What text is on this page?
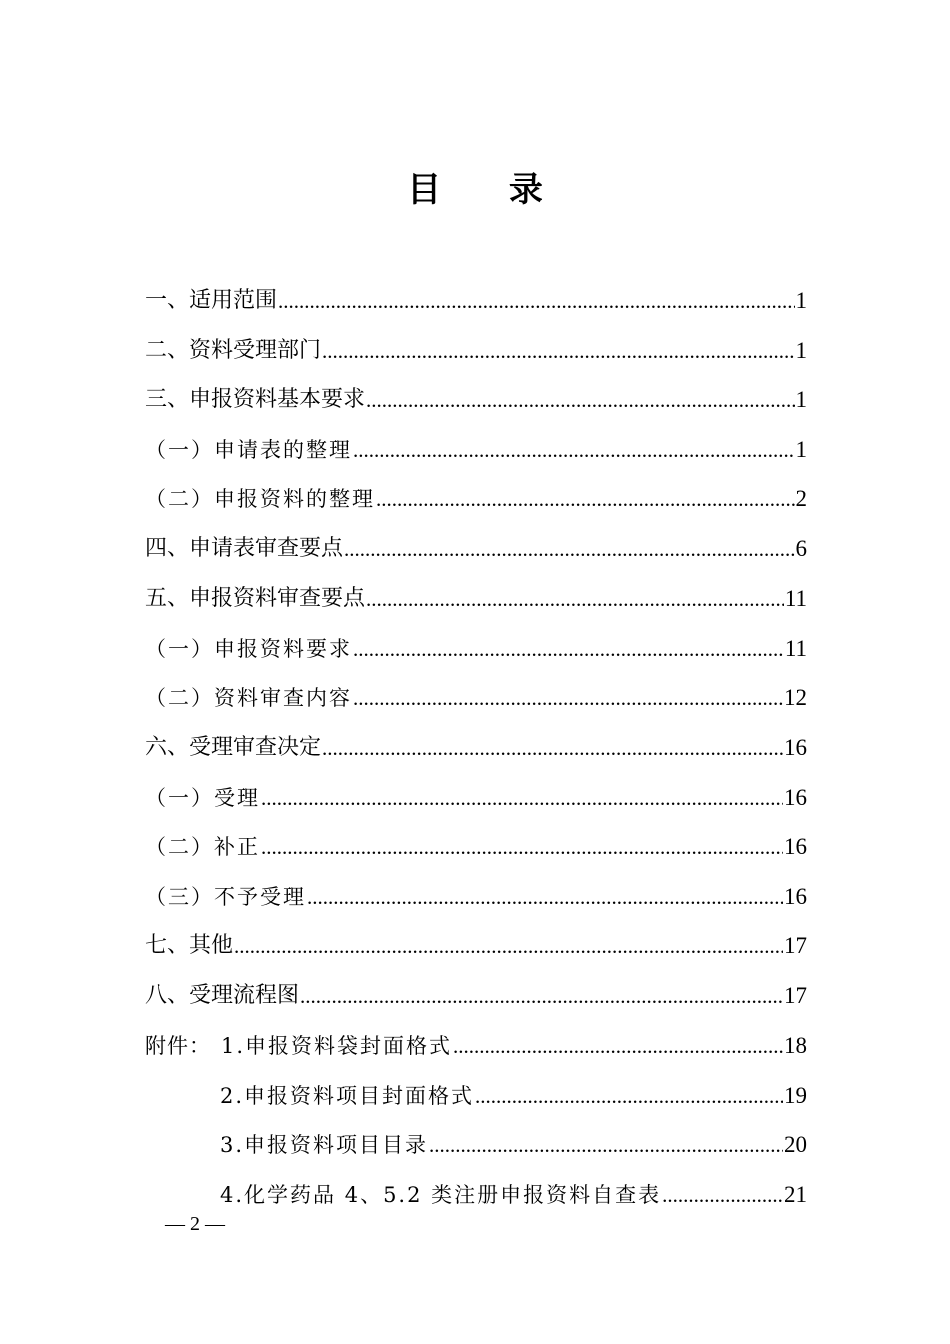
目 录
一、适用范围 .....	1
二、资料受理部门 .....	1
三、申报资料基本要求 .....	1
（一）申请表的整理 .....	1
（二）申报资料的整理 .....	2
四、申请表审查要点 .....	6
五、申报资料审查要点 .....	11
（一）申报资料要求 .....	11
（二）资料审查内容 .....	12
六、受理审查决定 .....	16
（一）受理 .....	16
（二）补正 .....	16
（三）不予受理 .....	16
七、其他 .....	17
八、受理流程图 .....	17
附件： 1.申报资料袋封面格式 .....	18
2.申报资料项目封面格式 .....	19
3.申报资料项目目录 .....	20
4.化学药品 4、5.2 类注册申报资料自查表 .....	21
— 2 —
